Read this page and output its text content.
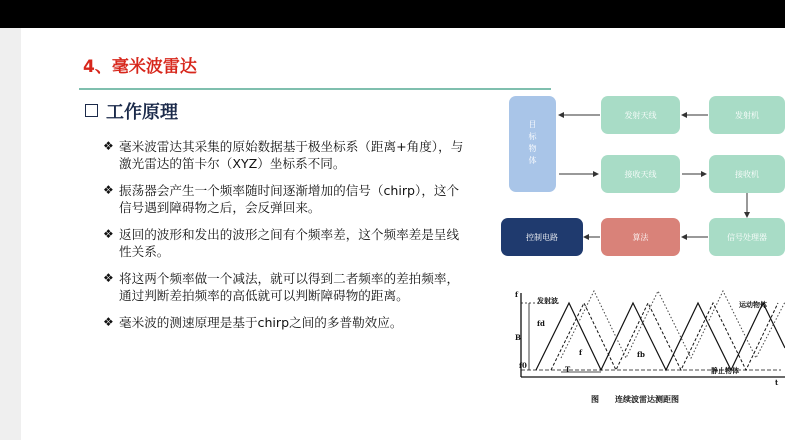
4、毫米波雷达
工作原理
❖ 毫米波雷达其采集的原始数据基于极坐标系（距离+角度），与激光雷达的笛卡尔（XYZ）坐标系不同。
❖ 振荡器会产生一个频率随时间逐渐增加的信号（chirp），这个信号遇到障碍物之后，会反弹回来。
❖ 返回的波形和发出的波形之间有个频率差，这个频率差是呈线性关系。
❖ 将这两个频率做一个减法，就可以得到二者频率的差拍频率，通过判断差拍频率的高低就可以判断障碍物的距离。
❖ 毫米波的测速原理是基于chirp之间的多普勒效应。
目标物体
发射天线	发射机
接收天线	接收机
控制电路	算法	信号处理器
f
t
发射波	运动物体
静止物体
fd
B
f	fb
f0	T
图 连续波雷达测距图
